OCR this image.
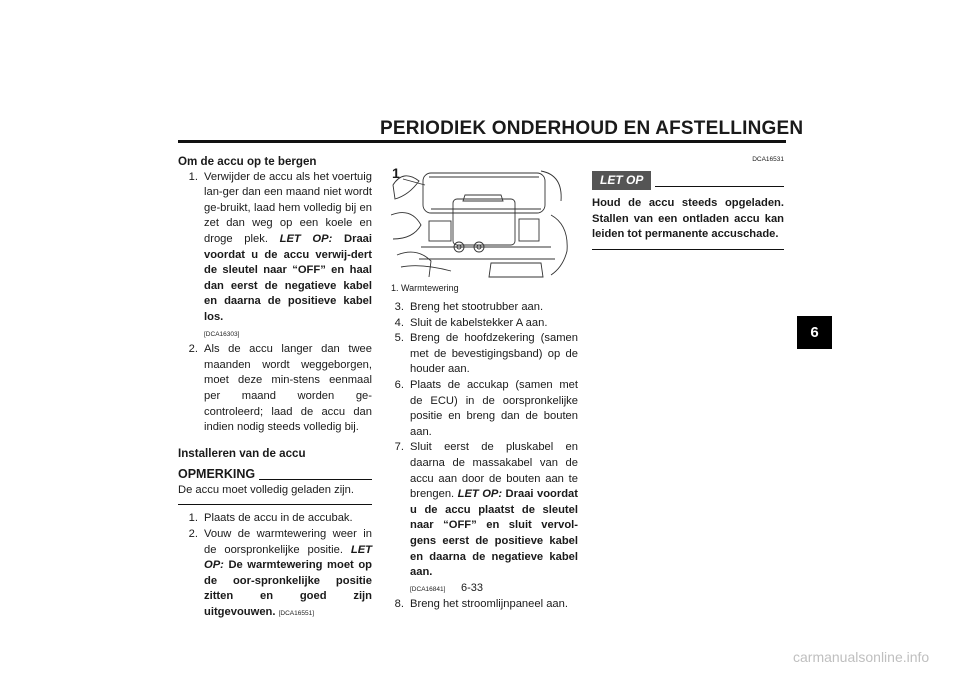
PERIODIEK ONDERHOUD EN AFSTELLINGEN
6

Om de accu op te bergen

1. Verwijder de accu als het voertuig lan-ger dan een maand niet wordt ge-bruikt, laad hem volledig bij en zet dan weg op een koele en droge plek. LET OP: Draai voordat u de accu verwij-dert de sleutel naar “OFF” en haal dan eerst de negatieve kabel en daarna de positieve kabel los.
[DCA16303]
2. Als de accu langer dan twee maanden wordt weggeborgen, moet deze min-stens eenmaal per maand worden ge-controleerd; laad de accu dan indien nodig steeds volledig bij.

Installeren van de accu

OPMERKING

De accu moet volledig geladen zijn.

1. Plaats de accu in de accubak.
2. Vouw de warmtewering weer in de oorspronkelijke positie. LET OP: De warmtewering moet op de oor-spronkelijke positie zitten en goed zijn uitgevouwen. [DCA16551]
1
1. Warmtewering
3. Breng het stootrubber aan.
4. Sluit de kabelstekker A aan.
5. Breng de hoofdzekering (samen met de bevestigingsband) op de houder aan.
6. Plaats de accukap (samen met de ECU) in de oorspronkelijke positie en breng dan de bouten aan.
7. Sluit eerst de pluskabel en daarna de massakabel van de accu aan door de bouten aan te brengen. LET OP: Draai voordat u de accu plaatst de sleutel naar “OFF” en sluit vervol-gens eerst de positieve kabel en daarna de negatieve kabel aan.
[DCA16841]
8. Breng het stroomlijnpaneel aan.
DCA16531
LET OP

Houd de accu steeds opgeladen. Stallen van een ontladen accu kan leiden tot permanente accuschade.

6-33
carmanualsonline.info
